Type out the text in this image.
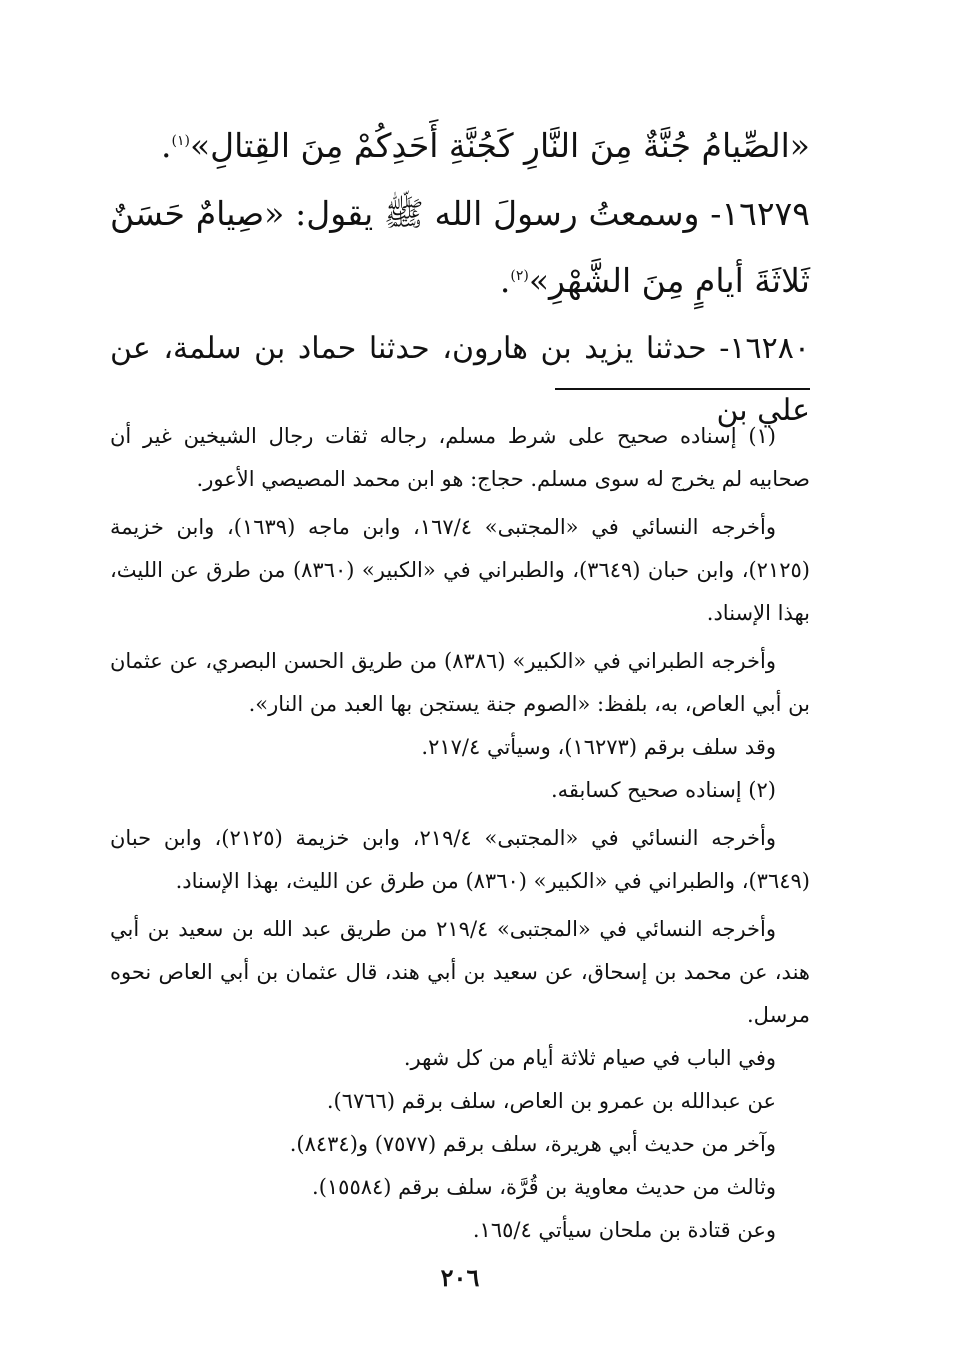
«الصِّيامُ جُنَّةٌ مِنَ النَّارِ كَجُنَّةِ أَحَدِكُمْ مِنَ القِتالِ»$^{(١)}$.

١٦٢٧٩- وسمعتُ رسولَ الله ﷺ يقول: «صِيامٌ حَسَنٌ ثَلاثَةَ أيامٍ مِنَ الشَّهْرِ»$^{(٢)}$.

١٦٢٨٠- حدثنا يزيد بن هارون، حدثنا حماد بن سلمة، عن علي بن

(١) إسناده صحيح على شرط مسلم، رجاله ثقات رجال الشيخين غير أن صحابيه لم يخرج له سوى مسلم. حجاج: هو ابن محمد المصيصي الأعور.

وأخرجه النسائي في «المجتبى» ١٦٧/٤، وابن ماجه (١٦٣٩)، وابن خزيمة (٢١٢٥)، وابن حبان (٣٦٤٩)، والطبراني في «الكبير» (٨٣٦٠) من طرق عن الليث، بهذا الإسناد.

وأخرجه الطبراني في «الكبير» (٨٣٨٦) من طريق الحسن البصري، عن عثمان بن أبي العاص، به، بلفظ: «الصوم جنة يستجن بها العبد من النار».

وقد سلف برقم (١٦٢٧٣)، وسيأتي ٢١٧/٤.

(٢) إسناده صحيح كسابقه.

وأخرجه النسائي في «المجتبى» ٢١٩/٤، وابن خزيمة (٢١٢٥)، وابن حبان (٣٦٤٩)، والطبراني في «الكبير» (٨٣٦٠) من طرق عن الليث، بهذا الإسناد.

وأخرجه النسائي في «المجتبى» ٢١٩/٤ من طريق عبد الله بن سعيد بن أبي هند، عن محمد بن إسحاق، عن سعيد بن أبي هند، قال عثمان بن أبي العاص نحوه مرسل.

وفي الباب في صيام ثلاثة أيام من كل شهر.

عن عبدالله بن عمرو بن العاص، سلف برقم (٦٧٦٦).

وآخر من حديث أبي هريرة، سلف برقم (٧٥٧٧) و(٨٤٣٤).

وثالث من حديث معاوية بن قُرَّة، سلف برقم (١٥٥٨٤).

وعن قتادة بن ملحان سيأتي ١٦٥/٤.

٢٠٦
